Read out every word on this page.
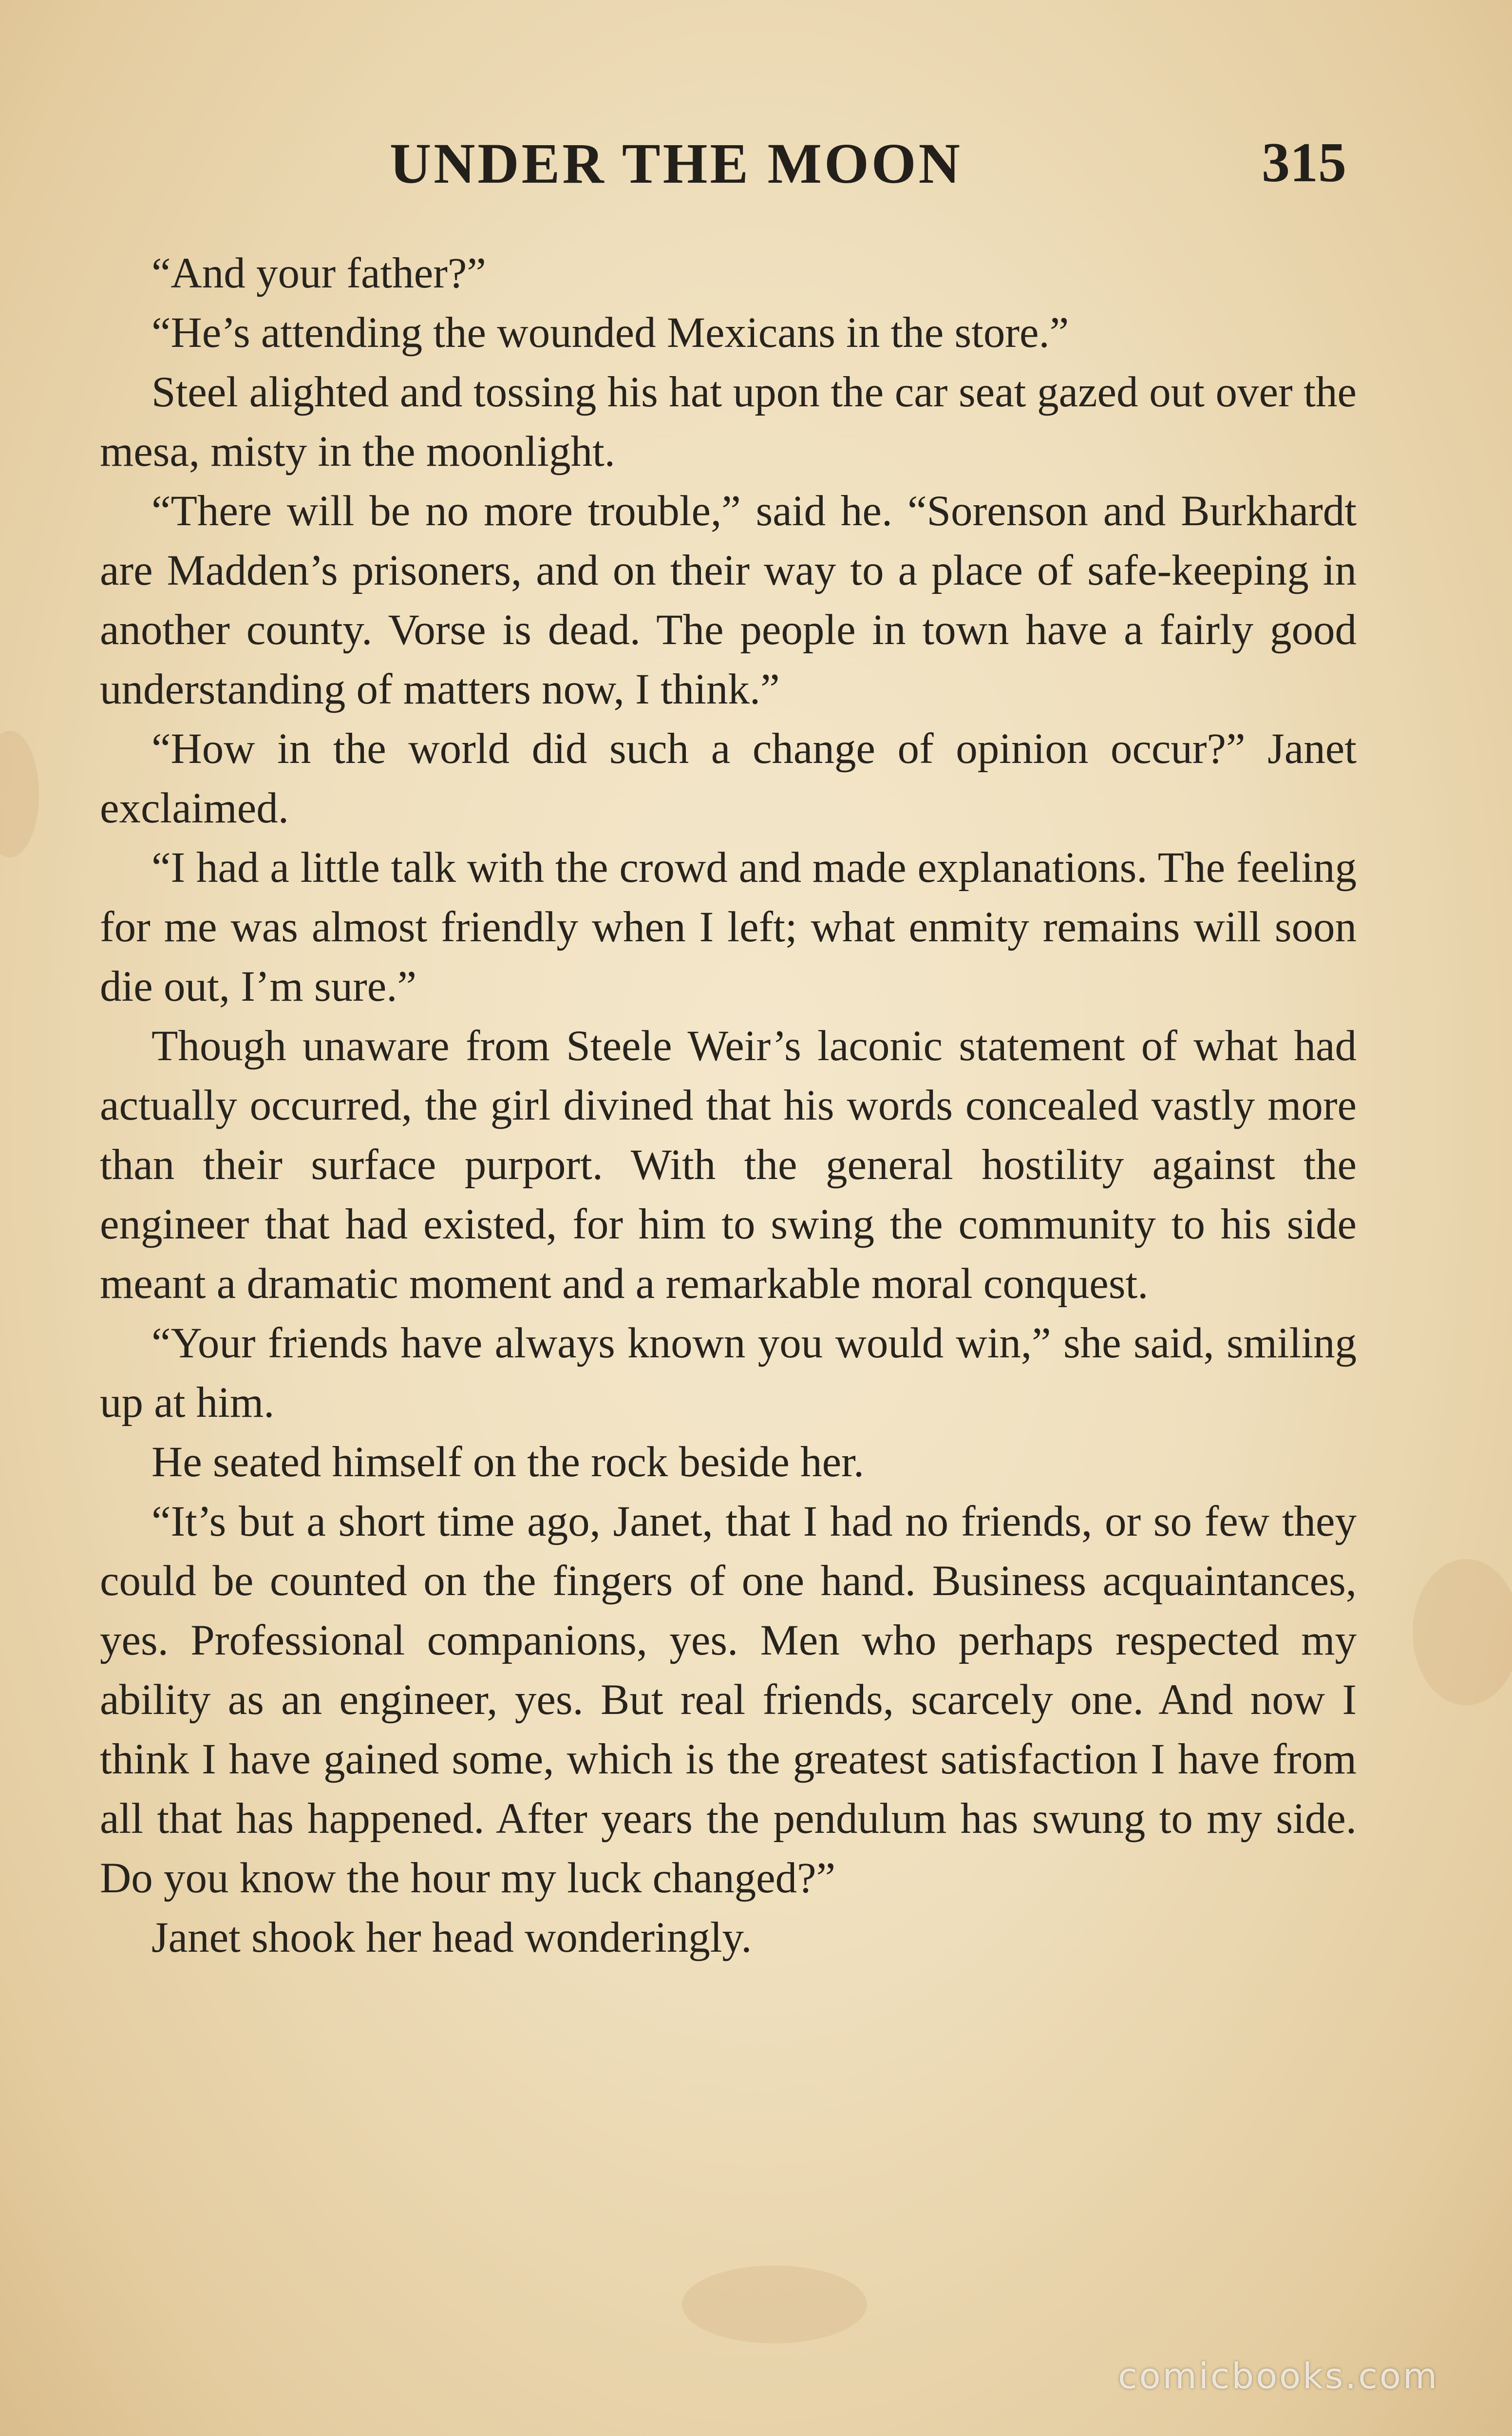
UNDER THE MOON	315

“And your father?”

“He’s attending the wounded Mexicans in the store.”

Steel alighted and tossing his hat upon the car seat gazed out over the mesa, misty in the moonlight.

“There will be no more trouble,” said he. “Sorenson and Burkhardt are Madden’s prisoners, and on their way to a place of safe-keeping in another county. Vorse is dead. The people in town have a fairly good understanding of matters now, I think.”

“How in the world did such a change of opinion occur?” Janet exclaimed.

“I had a little talk with the crowd and made explanations. The feeling for me was almost friendly when I left; what enmity remains will soon die out, I’m sure.”

Though unaware from Steele Weir’s laconic statement of what had actually occurred, the girl divined that his words concealed vastly more than their surface purport. With the general hostility against the engineer that had existed, for him to swing the community to his side meant a dramatic moment and a remarkable moral conquest.

“Your friends have always known you would win,” she said, smiling up at him.

He seated himself on the rock beside her.

“It’s but a short time ago, Janet, that I had no friends, or so few they could be counted on the fingers of one hand. Business acquaintances, yes. Professional companions, yes. Men who perhaps respected my ability as an engineer, yes. But real friends, scarcely one. And now I think I have gained some, which is the greatest satisfaction I have from all that has happened. After years the pendulum has swung to my side. Do you know the hour my luck changed?”

Janet shook her head wonderingly.

comicbooks.com
